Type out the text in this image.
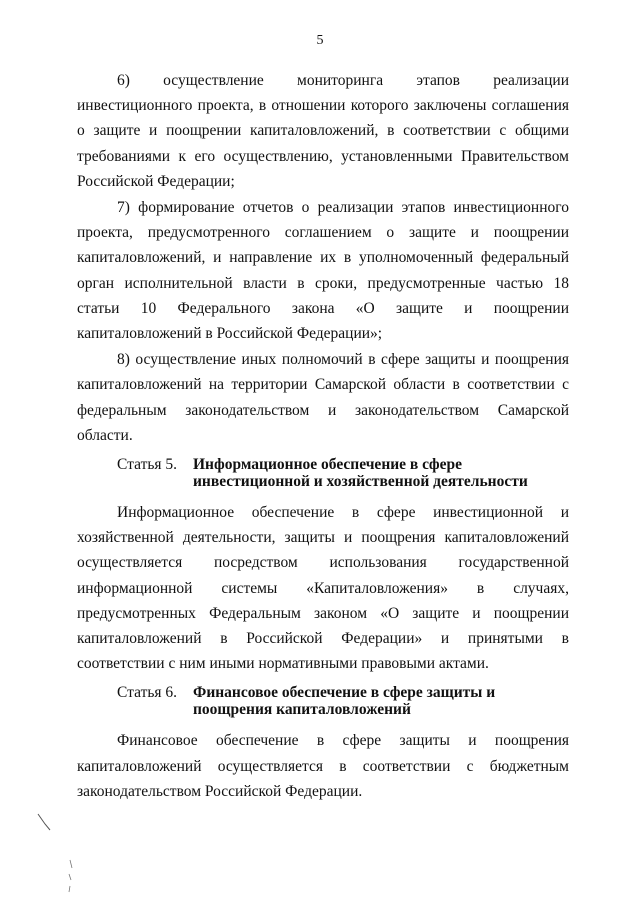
5

6) осуществление мониторинга этапов реализации инвестиционного проекта, в отношении которого заключены соглашения о защите и поощрении капиталовложений, в соответствии с общими требованиями к его осуществлению, установленными Правительством Российской Федерации;

7) формирование отчетов о реализации этапов инвестиционного проекта, предусмотренного соглашением о защите и поощрении капиталовложений, и направление их в уполномоченный федеральный орган исполнительной власти в сроки, предусмотренные частью 18 статьи 10 Федерального закона «О защите и поощрении капиталовложений в Российской Федерации»;

8) осуществление иных полномочий в сфере защиты и поощрения капиталовложений на территории Самарской области в соответствии с федеральным законодательством и законодательством Самарской области.

Статья 5.	Информационное обеспечение в сфере инвестиционной и хозяйственной деятельности

Информационное обеспечение в сфере инвестиционной и хозяйственной деятельности, защиты и поощрения капиталовложений осуществляется посредством использования государственной информационной системы «Капиталовложения» в случаях, предусмотренных Федеральным законом «О защите и поощрении капиталовложений в Российской Федерации» и принятыми в соответствии с ним иными нормативными правовыми актами.

Статья 6.	Финансовое обеспечение в сфере защиты и поощрения капиталовложений

Финансовое обеспечение в сфере защиты и поощрения капиталовложений осуществляется в соответствии с бюджетным законодательством Российской Федерации.
